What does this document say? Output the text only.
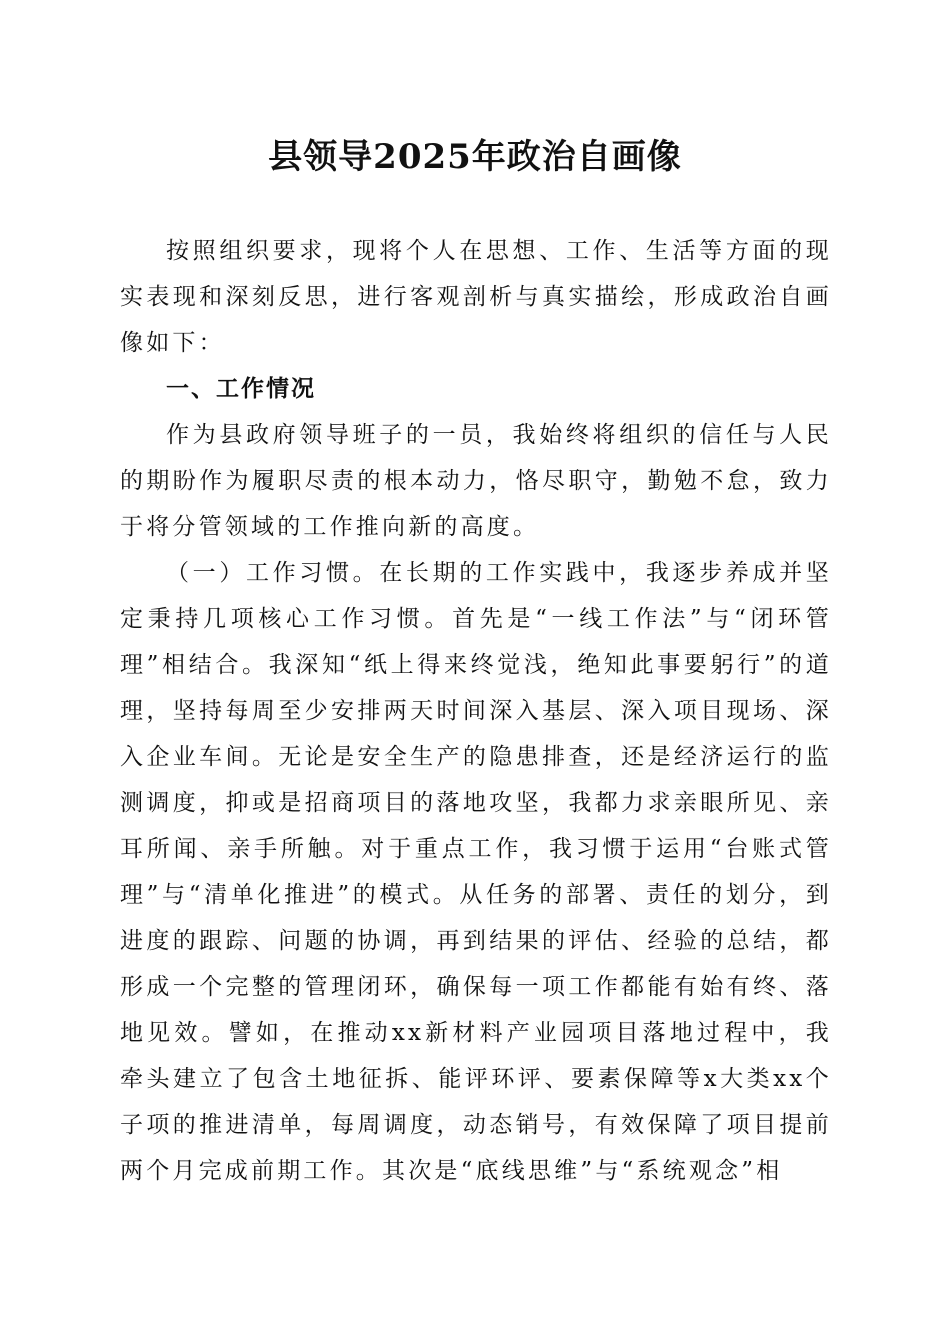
县领导2025年政治自画像

按照组织要求，现将个人在思想、工作、生活等方面的现实表现和深刻反思，进行客观剖析与真实描绘，形成政治自画像如下：

一、工作情况

作为县政府领导班子的一员，我始终将组织的信任与人民的期盼作为履职尽责的根本动力，恪尽职守，勤勉不怠，致力于将分管领域的工作推向新的高度。

（一）工作习惯。在长期的工作实践中，我逐步养成并坚定秉持几项核心工作习惯。首先是“一线工作法”与“闭环管理”相结合。我深知“纸上得来终觉浅，绝知此事要躬行”的道理，坚持每周至少安排两天时间深入基层、深入项目现场、深入企业车间。无论是安全生产的隐患排查，还是经济运行的监测调度，抑或是招商项目的落地攻坚，我都力求亲眼所见、亲耳所闻、亲手所触。对于重点工作，我习惯于运用“台账式管理”与“清单化推进”的模式。从任务的部署、责任的划分，到进度的跟踪、问题的协调，再到结果的评估、经验的总结，都形成一个完整的管理闭环，确保每一项工作都能有始有终、落地见效。譬如，在推动xx新材料产业园项目落地过程中，我牵头建立了包含土地征拆、能评环评、要素保障等x大类xx个子项的推进清单，每周调度，动态销号，有效保障了项目提前两个月完成前期工作。其次是“底线思维”与“系统观念”相
